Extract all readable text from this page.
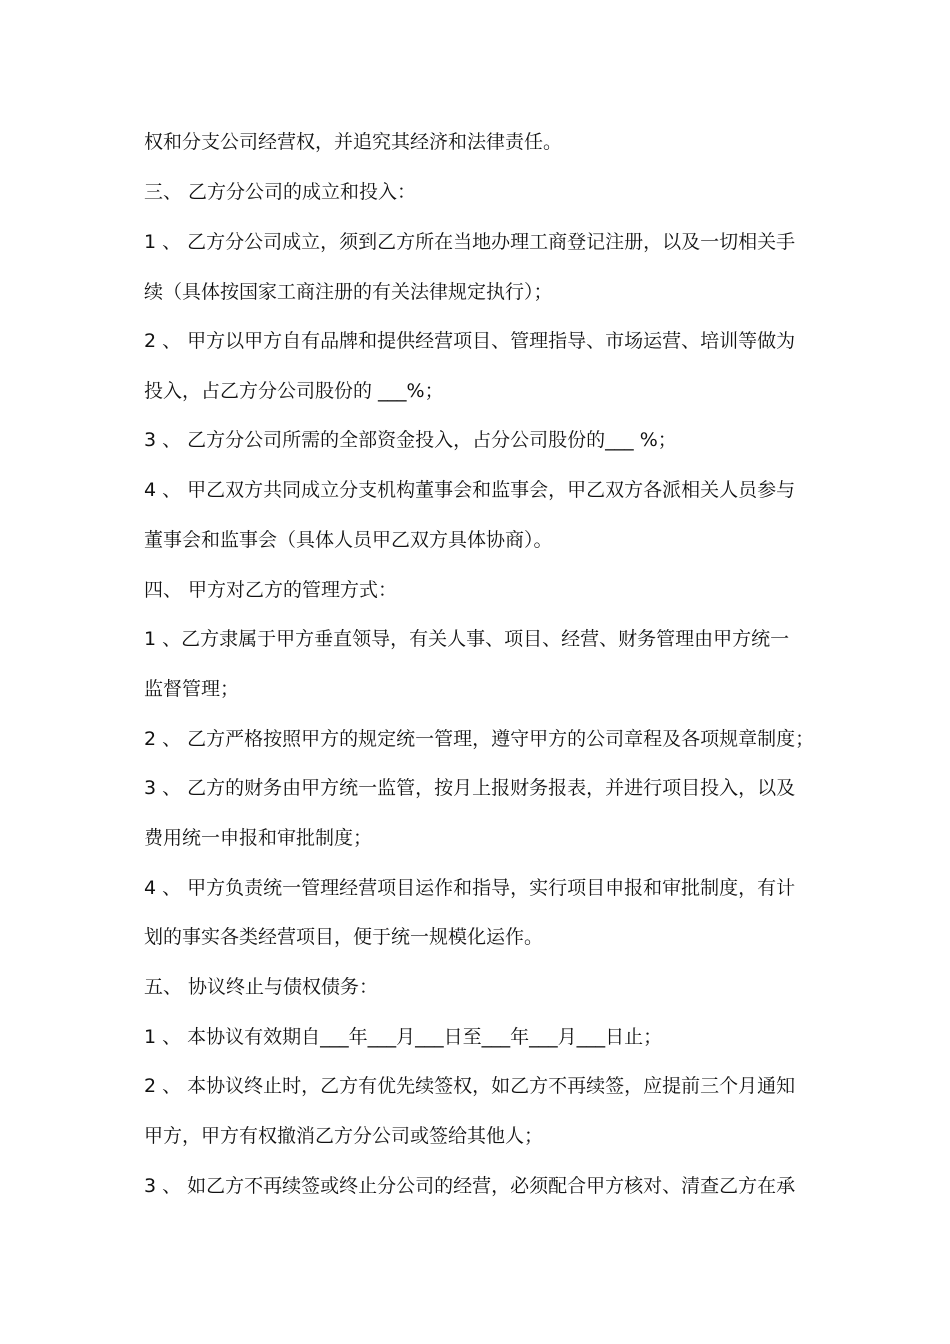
权和分支公司经营权，并追究其经济和法律责任。
三、 乙方分公司的成立和投入：
1 、 乙方分公司成立，须到乙方所在当地办理工商登记注册，以及一切相关手
续（具体按国家工商注册的有关法律规定执行）；
2 、 甲方以甲方自有品牌和提供经营项目、管理指导、市场运营、培训等做为
投入，占乙方分公司股份的 ___%；
3 、 乙方分公司所需的全部资金投入，占分公司股份的___ %；
4 、 甲乙双方共同成立分支机构董事会和监事会，甲乙双方各派相关人员参与
董事会和监事会（具体人员甲乙双方具体协商）。
四、 甲方对乙方的管理方式：
1 、乙方隶属于甲方垂直领导，有关人事、项目、经营、财务管理由甲方统一
监督管理；
2 、 乙方严格按照甲方的规定统一管理，遵守甲方的公司章程及各项规章制度；
3 、 乙方的财务由甲方统一监管，按月上报财务报表，并进行项目投入，以及
费用统一申报和审批制度；
4 、 甲方负责统一管理经营项目运作和指导，实行项目申报和审批制度，有计
划的事实各类经营项目，便于统一规模化运作。
五、 协议终止与债权债务：
1 、 本协议有效期自___年___月___日至___年___月___日止；
2 、 本协议终止时，乙方有优先续签权，如乙方不再续签，应提前三个月通知
甲方，甲方有权撤消乙方分公司或签给其他人；
3 、 如乙方不再续签或终止分公司的经营，必须配合甲方核对、清查乙方在承
